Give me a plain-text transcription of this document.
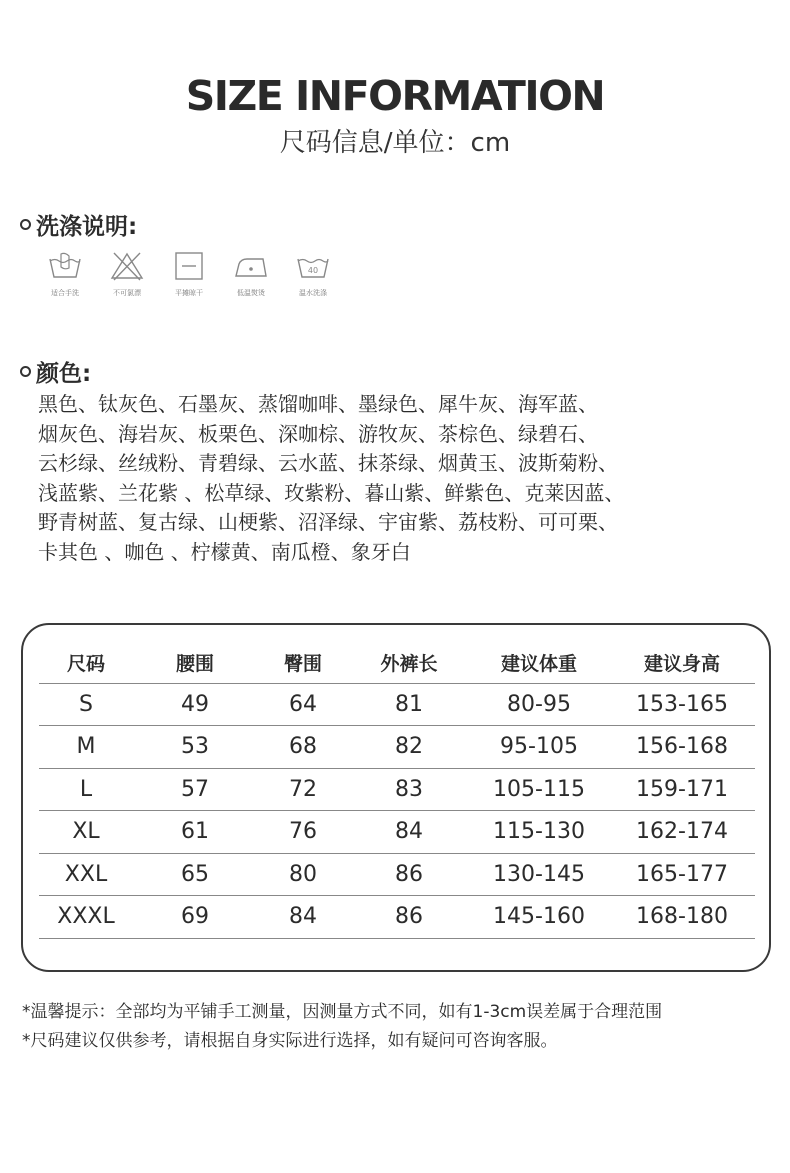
SIZE INFORMATION
尺码信息/单位：cm
洗涤说明:
适合手洗	不可氯漂	平摊晾干	低温熨烫
40
温水洗涤
颜色:
黑色、钛灰色、石墨灰、蒸馏咖啡、墨绿色、犀牛灰、海军蓝、
烟灰色、海岩灰、板栗色、深咖棕、游牧灰、茶棕色、绿碧石、
云杉绿、丝绒粉、青碧绿、云水蓝、抹茶绿、烟黄玉、波斯菊粉、
浅蓝紫、兰花紫 、松草绿、玫紫粉、暮山紫、鲜紫色、克莱因蓝、
野青树蓝、复古绿、山梗紫、沼泽绿、宇宙紫、荔枝粉、可可栗、
卡其色 、咖色 、柠檬黄、南瓜橙、象牙白
尺码	腰围	臀围	外裤长	建议体重	建议身高
S	49	64	81	80-95	153-165
M	53	68	82	95-105	156-168
L	57	72	83	105-115	159-171
XL	61	76	84	115-130	162-174
XXL	65	80	86	130-145	165-177
XXXL	69	84	86	145-160	168-180
*温馨提示：全部均为平铺手工测量，因测量方式不同，如有1-3cm误差属于合理范围
*尺码建议仅供参考，请根据自身实际进行选择，如有疑问可咨询客服。
